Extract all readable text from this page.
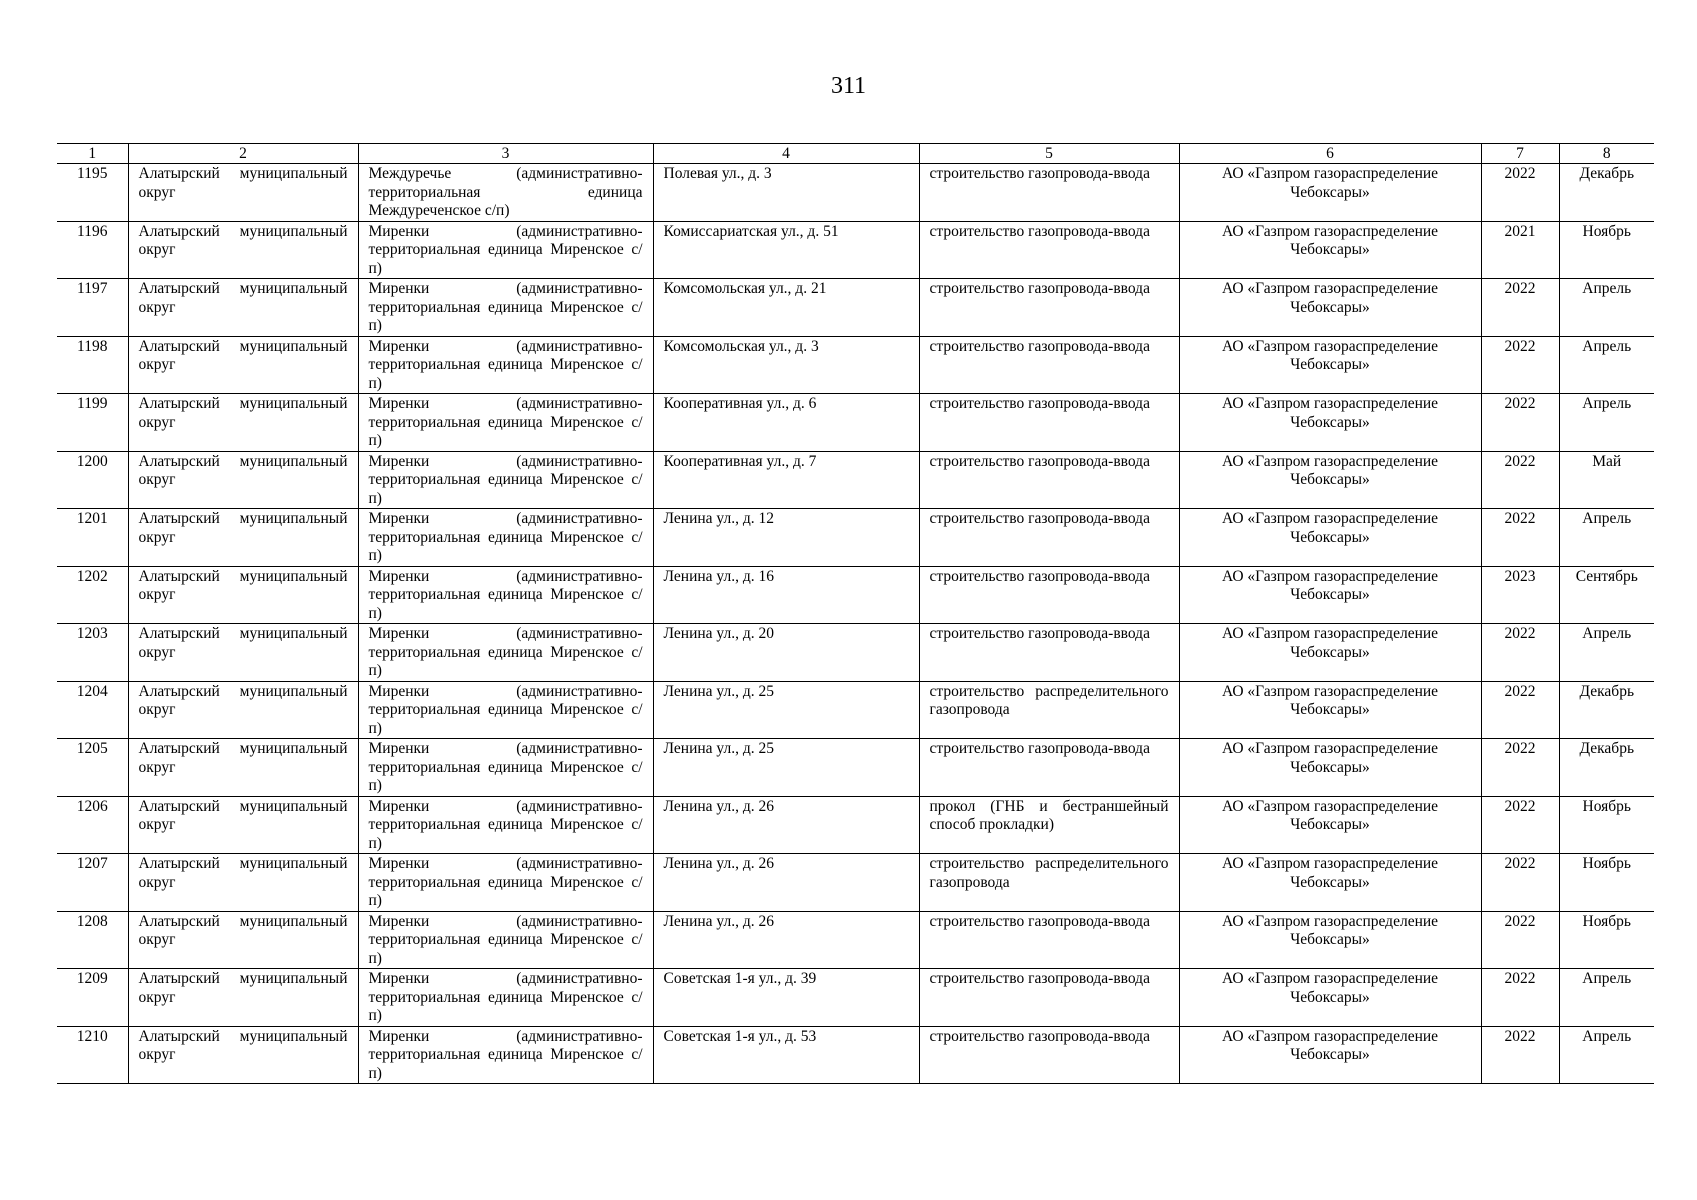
311
1	2	3	4	5	6	7	8
1195	Алатырский муниципальный округ	Междуречье (административно-территориальная единица Междуреченское с/п)	Полевая ул., д. 3	строительство газопровода-ввода	АО «Газпром газораспределение Чебоксары»	2022	Декабрь
1196	Алатырский муниципальный округ	Миренки (административно-территориальная единица Миренское с/п)	Комиссариатская ул., д. 51	строительство газопровода-ввода	АО «Газпром газораспределение Чебоксары»	2021	Ноябрь
1197	Алатырский муниципальный округ	Миренки (административно-территориальная единица Миренское с/п)	Комсомольская ул., д. 21	строительство газопровода-ввода	АО «Газпром газораспределение Чебоксары»	2022	Апрель
1198	Алатырский муниципальный округ	Миренки (административно-территориальная единица Миренское с/п)	Комсомольская ул., д. 3	строительство газопровода-ввода	АО «Газпром газораспределение Чебоксары»	2022	Апрель
1199	Алатырский муниципальный округ	Миренки (административно-территориальная единица Миренское с/п)	Кооперативная ул., д. 6	строительство газопровода-ввода	АО «Газпром газораспределение Чебоксары»	2022	Апрель
1200	Алатырский муниципальный округ	Миренки (административно-территориальная единица Миренское с/п)	Кооперативная ул., д. 7	строительство газопровода-ввода	АО «Газпром газораспределение Чебоксары»	2022	Май
1201	Алатырский муниципальный округ	Миренки (административно-территориальная единица Миренское с/п)	Ленина ул., д. 12	строительство газопровода-ввода	АО «Газпром газораспределение Чебоксары»	2022	Апрель
1202	Алатырский муниципальный округ	Миренки (административно-территориальная единица Миренское с/п)	Ленина ул., д. 16	строительство газопровода-ввода	АО «Газпром газораспределение Чебоксары»	2023	Сентябрь
1203	Алатырский муниципальный округ	Миренки (административно-территориальная единица Миренское с/п)	Ленина ул., д. 20	строительство газопровода-ввода	АО «Газпром газораспределение Чебоксары»	2022	Апрель
1204	Алатырский муниципальный округ	Миренки (административно-территориальная единица Миренское с/п)	Ленина ул., д. 25	строительство распределительного газопровода	АО «Газпром газораспределение Чебоксары»	2022	Декабрь
1205	Алатырский муниципальный округ	Миренки (административно-территориальная единица Миренское с/п)	Ленина ул., д. 25	строительство газопровода-ввода	АО «Газпром газораспределение Чебоксары»	2022	Декабрь
1206	Алатырский муниципальный округ	Миренки (административно-территориальная единица Миренское с/п)	Ленина ул., д. 26	прокол (ГНБ и бестраншейный способ прокладки)	АО «Газпром газораспределение Чебоксары»	2022	Ноябрь
1207	Алатырский муниципальный округ	Миренки (административно-территориальная единица Миренское с/п)	Ленина ул., д. 26	строительство распределительного газопровода	АО «Газпром газораспределение Чебоксары»	2022	Ноябрь
1208	Алатырский муниципальный округ	Миренки (административно-территориальная единица Миренское с/п)	Ленина ул., д. 26	строительство газопровода-ввода	АО «Газпром газораспределение Чебоксары»	2022	Ноябрь
1209	Алатырский муниципальный округ	Миренки (административно-территориальная единица Миренское с/п)	Советская 1-я ул., д. 39	строительство газопровода-ввода	АО «Газпром газораспределение Чебоксары»	2022	Апрель
1210	Алатырский муниципальный округ	Миренки (административно-территориальная единица Миренское с/п)	Советская 1-я ул., д. 53	строительство газопровода-ввода	АО «Газпром газораспределение Чебоксары»	2022	Апрель
